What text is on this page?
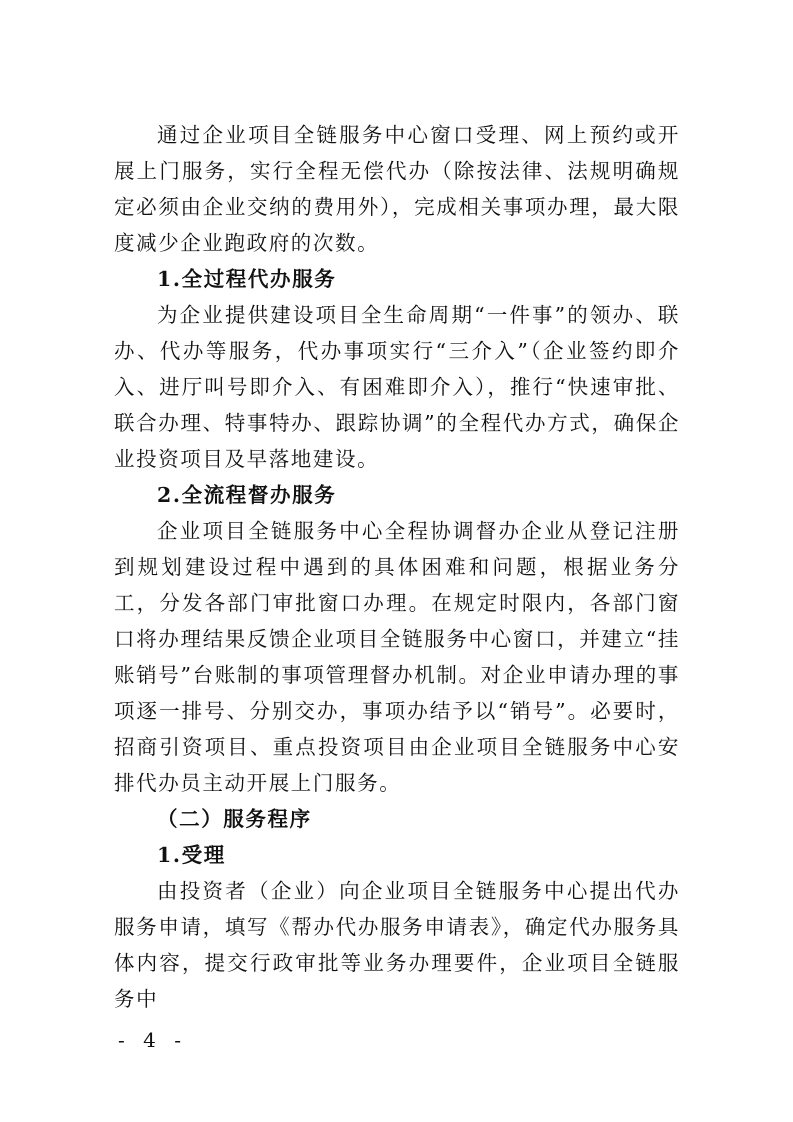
通过企业项目全链服务中心窗口受理、网上预约或开展上门服务，实行全程无偿代办（除按法律、法规明确规定必须由企业交纳的费用外），完成相关事项办理，最大限度减少企业跑政府的次数。

1.全过程代办服务

为企业提供建设项目全生命周期“一件事”的领办、联办、代办等服务，代办事项实行“三介入”（企业签约即介入、进厅叫号即介入、有困难即介入），推行“快速审批、联合办理、特事特办、跟踪协调”的全程代办方式，确保企业投资项目及早落地建设。

2.全流程督办服务

企业项目全链服务中心全程协调督办企业从登记注册到规划建设过程中遇到的具体困难和问题，根据业务分工，分发各部门审批窗口办理。在规定时限内，各部门窗口将办理结果反馈企业项目全链服务中心窗口，并建立“挂账销号”台账制的事项管理督办机制。对企业申请办理的事项逐一排号、分别交办，事项办结予以“销号”。必要时，招商引资项目、重点投资项目由企业项目全链服务中心安排代办员主动开展上门服务。

（二）服务程序

1.受理

由投资者（企业）向企业项目全链服务中心提出代办服务申请，填写《帮办代办服务申请表》，确定代办服务具体内容，提交行政审批等业务办理要件，企业项目全链服务中

- 4 -
